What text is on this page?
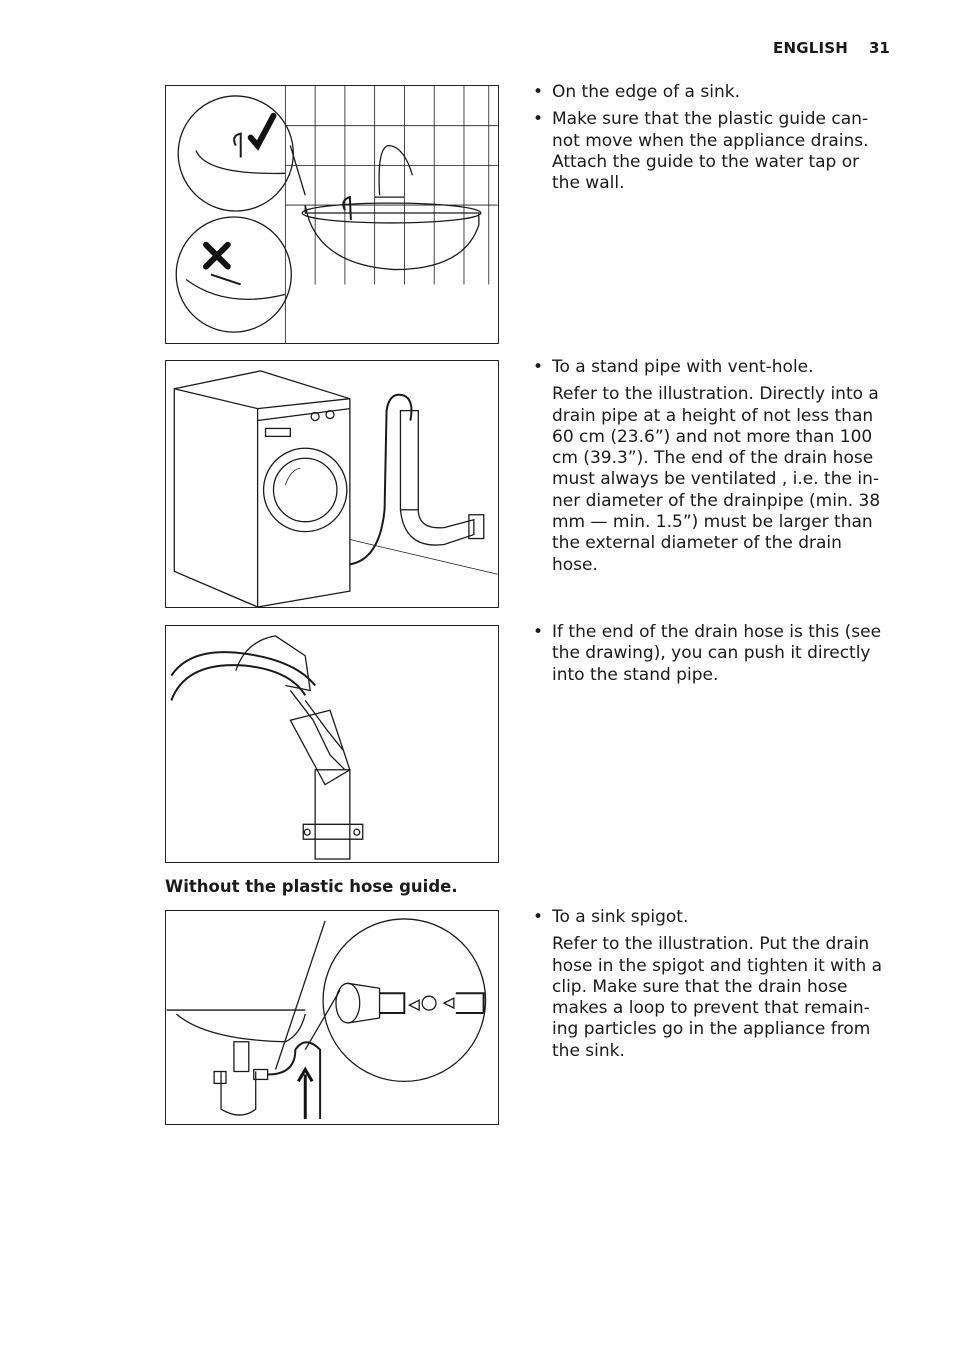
ENGLISH 31
Without the plastic hose guide.
• On the edge of a sink.
• Make sure that the plastic guide cannot move when the appliance drains. Attach the guide to the water tap or the wall.
• To a stand pipe with vent-hole.

Refer to the illustration. Directly into a drain pipe at a height of not less than 60 cm (23.6”) and not more than 100 cm (39.3”). The end of the drain hose must always be ventilated , i.e. the inner diameter of the drainpipe (min. 38 mm — min. 1.5”) must be larger than the external diameter of the drain hose.

• If the end of the drain hose is this (see the drawing), you can push it directly into the stand pipe.
• To a sink spigot.

Refer to the illustration. Put the drain hose in the spigot and tighten it with a clip. Make sure that the drain hose makes a loop to prevent that remaining particles go in the appliance from the sink.
